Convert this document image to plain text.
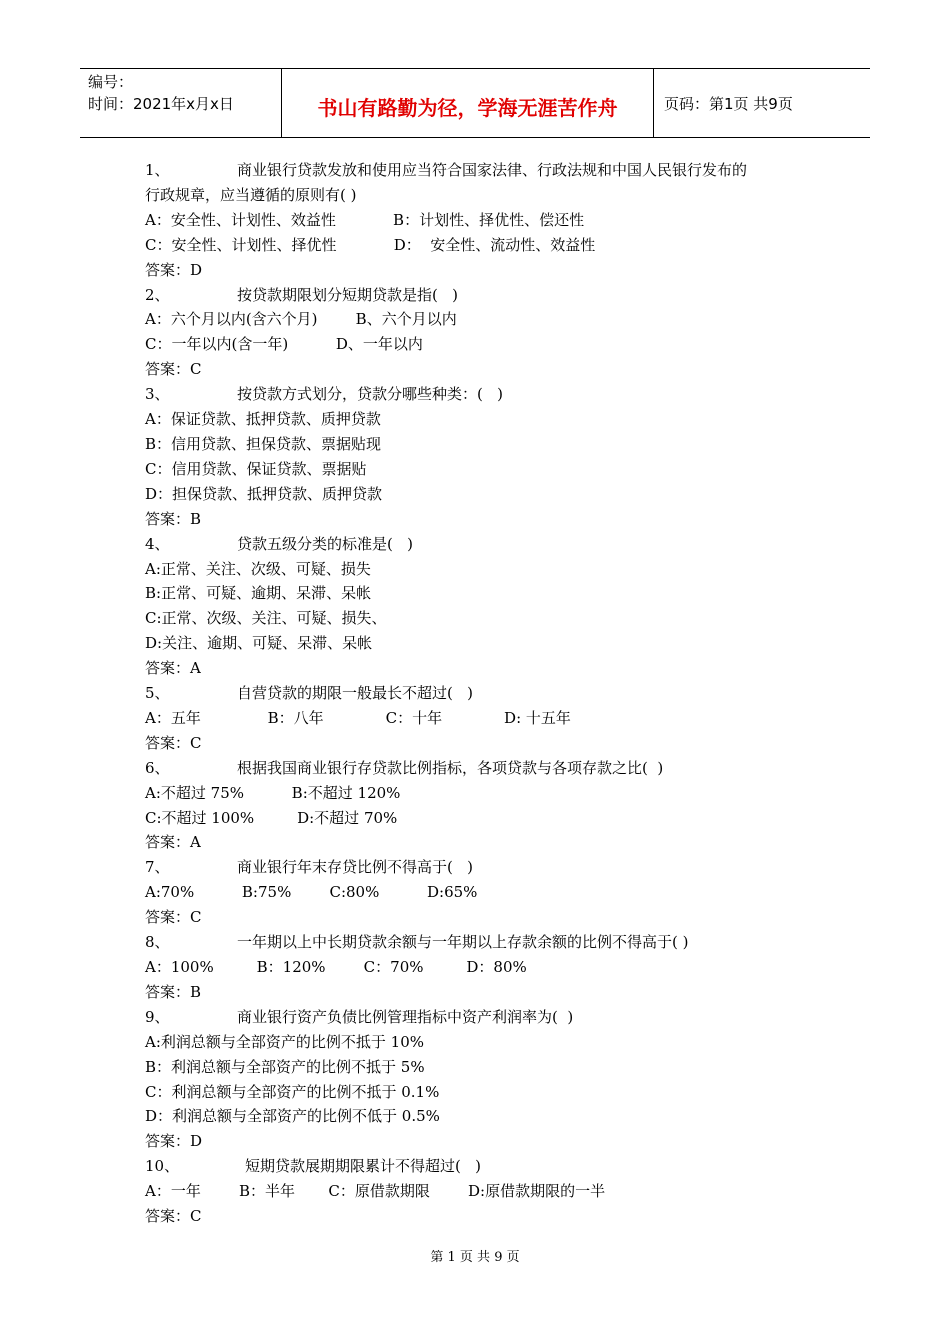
编号：
时间：2021年x月x日	书山有路勤为径，学海无涯苦作舟	页码：第1页 共9页
1、	商业银行贷款发放和使用应当符合国家法律、行政法规和中国人民银行发布的
行政规章，应当遵循的原则有( )
A：安全性、计划性、效益性            B：计划性、择优性、偿还性
C：安全性、计划性、择优性            D：  安全性、流动性、效益性
答案：D
2、	按贷款期限划分短期贷款是指(   )
A：六个月以内(含六个月)        B、六个月以内
C：一年以内(含一年)          D、一年以内
答案：C
3、	按贷款方式划分，贷款分哪些种类：(   )
A：保证贷款、抵押贷款、质押贷款
B：信用贷款、担保贷款、票据贴现
C：信用贷款、保证贷款、票据贴
D：担保贷款、抵押贷款、质押贷款
答案：B
4、	贷款五级分类的标准是(   )
A:正常、关注、次级、可疑、损失
B:正常、可疑、逾期、呆滞、呆帐
C:正常、次级、关注、可疑、损失、
D:关注、逾期、可疑、呆滞、呆帐
答案：A
5、	自营贷款的期限一般最长不超过(   )
A：五年              B：八年             C：十年             D: 十五年
答案：C
6、	根据我国商业银行存贷款比例指标，各项贷款与各项存款之比(  )
A:不超过 75%          B:不超过 120%
C:不超过 100%         D:不超过 70%
答案：A
7、	商业银行年末存贷比例不得高于(   )
A:70%          B:75%        C:80%          D:65%
答案：C
8、	一年期以上中长期贷款余额与一年期以上存款余额的比例不得高于( )
A：100%         B：120%        C：70%         D：80%
答案：B
9、	商业银行资产负债比例管理指标中资产利润率为(  )
A:利润总额与全部资产的比例不抵于 10%
B：利润总额与全部资产的比例不抵于 5%
C：利润总额与全部资产的比例不抵于 0.1%
D：利润总额与全部资产的比例不低于 0.5%
答案：D
10、	短期贷款展期期限累计不得超过(   )
A：一年        B：半年       C：原借款期限        D:原借款期限的一半
答案：C
第 1 页 共 9 页
